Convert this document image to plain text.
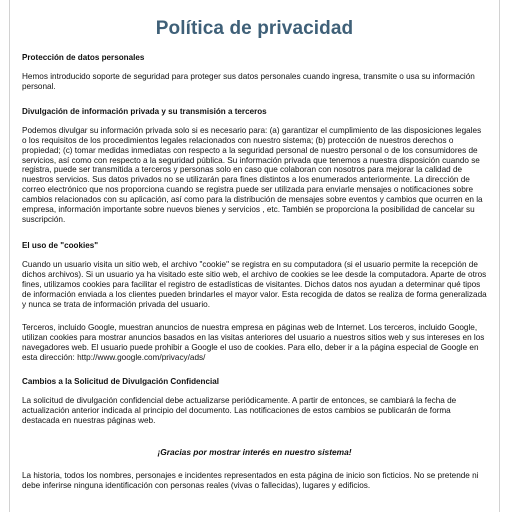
Política de privacidad
Protección de datos personales

Hemos introducido soporte de seguridad para proteger sus datos personales cuando ingresa, transmite o usa su información personal.

Divulgación de información privada y su transmisión a terceros

Podemos divulgar su información privada solo si es necesario para: (a) garantizar el cumplimiento de las disposiciones legales o los requisitos de los procedimientos legales relacionados con nuestro sistema; (b) protección de nuestros derechos o propiedad; (c) tomar medidas inmediatas con respecto a la seguridad personal de nuestro personal o de los consumidores de servicios, así como con respecto a la seguridad pública. Su información privada que tenemos a nuestra disposición cuando se registra, puede ser transmitida a terceros y personas solo en caso que colaboran con nosotros para mejorar la calidad de nuestros servicios. Sus datos privados no se utilizarán para fines distintos a los enumerados anteriormente. La dirección de correo electrónico que nos proporciona cuando se registra puede ser utilizada para enviarle mensajes o notificaciones sobre cambios relacionados con su aplicación, así como para la distribución de mensajes sobre eventos y cambios que ocurren en la empresa, información importante sobre nuevos bienes y servicios , etc. También se proporciona la posibilidad de cancelar su suscripción.

El uso de "cookies"

Cuando un usuario visita un sitio web, el archivo "cookie" se registra en su computadora (si el usuario permite la recepción de dichos archivos). Si un usuario ya ha visitado este sitio web, el archivo de cookies se lee desde la computadora. Aparte de otros fines, utilizamos cookies para facilitar el registro de estadísticas de visitantes. Dichos datos nos ayudan a determinar qué tipos de información enviada a los clientes pueden brindarles el mayor valor. Esta recogida de datos se realiza de forma generalizada y nunca se trata de información privada del usuario.

Terceros, incluido Google, muestran anuncios de nuestra empresa en páginas web de Internet. Los terceros, incluido Google, utilizan cookies para mostrar anuncios basados en las visitas anteriores del usuario a nuestros sitios web y sus intereses en los navegadores web. El usuario puede prohibir a Google el uso de cookies. Para ello, deber ir a la página especial de Google en esta dirección: http://www.google.com/privacy/ads/

Cambios a la Solicitud de Divulgación Confidencial

La solicitud de divulgación confidencial debe actualizarse periódicamente. A partir de entonces, se cambiará la fecha de actualización anterior indicada al principio del documento. Las notificaciones de estos cambios se publicarán de forma destacada en nuestras páginas web.

¡Gracias por mostrar interés en nuestro sistema!

La historia, todos los nombres, personajes e incidentes representados en esta página de inicio son ficticios. No se pretende ni debe inferirse ninguna identificación con personas reales (vivas o fallecidas), lugares y edificios.
